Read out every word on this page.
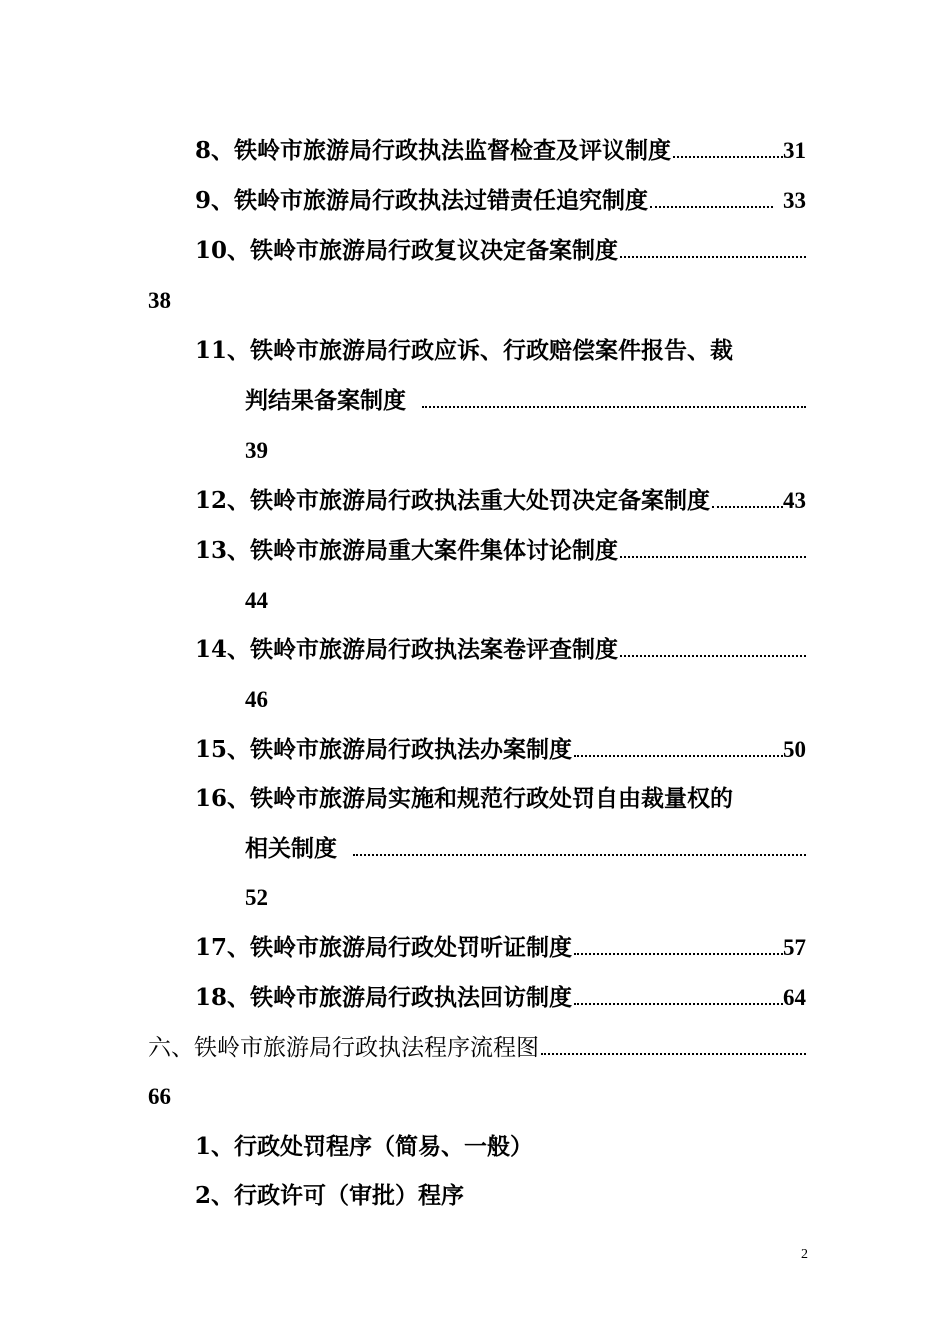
8、铁岭市旅游局行政执法监督检查及评议制度	31
9、铁岭市旅游局行政执法过错责任追究制度	33
10、铁岭市旅游局行政复议决定备案制度
38
11、铁岭市旅游局行政应诉、行政赔偿案件报告、裁
判结果备案制度
39
12、铁岭市旅游局行政执法重大处罚决定备案制度	43
13、铁岭市旅游局重大案件集体讨论制度
44
14、铁岭市旅游局行政执法案卷评查制度
46
15、铁岭市旅游局行政执法办案制度	50
16、铁岭市旅游局实施和规范行政处罚自由裁量权的
相关制度
52
17、铁岭市旅游局行政处罚听证制度	57
18、铁岭市旅游局行政执法回访制度	64
六、铁岭市旅游局行政执法程序流程图
66
1、行政处罚程序（简易、一般）
2、行政许可（审批）程序
2
